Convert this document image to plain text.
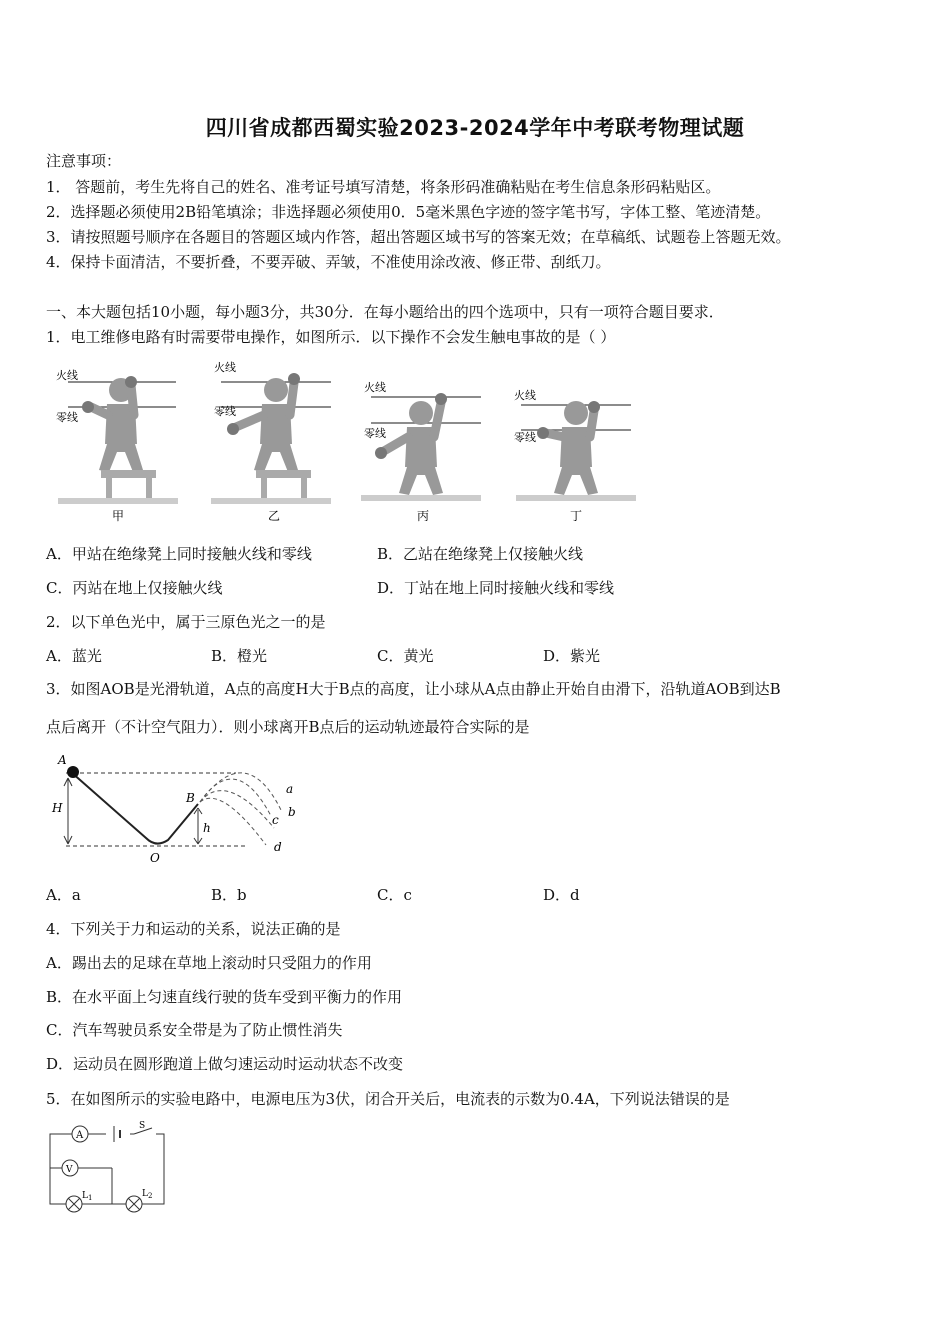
四川省成都西蜀实验2023-2024学年中考联考物理试题
注意事项：
1． 答题前，考生先将自己的姓名、准考证号填写清楚，将条形码准确粘贴在考生信息条形码粘贴区。
2．选择题必须使用2B铅笔填涂；非选择题必须使用0．5毫米黑色字迹的签字笔书写，字体工整、笔迹清楚。
3．请按照题号顺序在各题目的答题区域内作答，超出答题区域书写的答案无效；在草稿纸、试题卷上答题无效。
4．保持卡面清洁，不要折叠，不要弄破、弄皱，不准使用涂改液、修正带、刮纸刀。
一、本大题包括10小题，每小题3分，共30分．在每小题给出的四个选项中，只有一项符合题目要求．
1．电工维修电路有时需要带电操作，如图所示．以下操作不会发生触电事故的是（ ）
火线
零线
甲
火线
零线
乙
火线
零线
丙
火线
零线
丁
A．甲站在绝缘凳上同时接触火线和零线	B．乙站在绝缘凳上仅接触火线
C．丙站在地上仅接触火线	D．丁站在地上同时接触火线和零线
2．以下单色光中，属于三原色光之一的是
A．蓝光	B．橙光	C．黄光	D．紫光
3．如图AOB是光滑轨道，A点的高度H大于B点的高度，让小球从A点由静止开始自由滑下，沿轨道AOB到达B
点后离开（不计空气阻力）．则小球离开B点后的运动轨迹最符合实际的是
A
H
B
h
O
a
b
c
d
A．a	B．b	C．c	D．d
4．下列关于力和运动的关系，说法正确的是
A．踢出去的足球在草地上滚动时只受阻力的作用
B．在水平面上匀速直线行驶的货车受到平衡力的作用
C．汽车驾驶员系安全带是为了防止惯性消失
D．运动员在圆形跑道上做匀速运动时运动状态不改变
5．在如图所示的实验电路中，电源电压为3伏，闭合开关后，电流表的示数为0.4A，下列说法错误的是
A
V
S
$L_1$	$L_2$
